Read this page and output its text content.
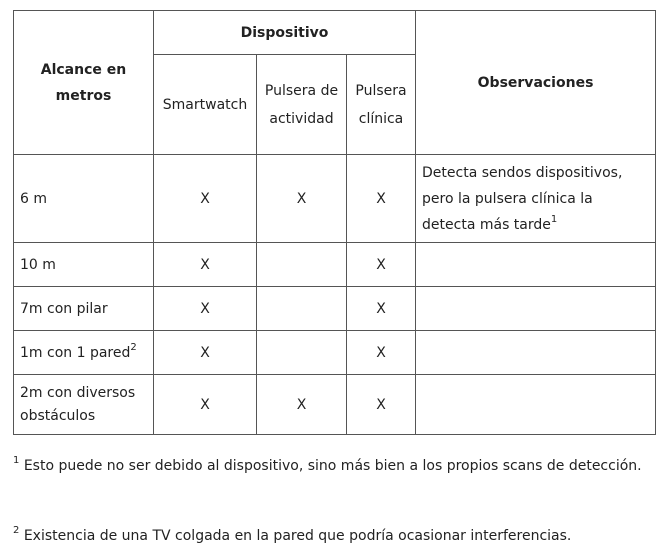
Alcance en metros	Dispositivo			Observaciones
	Smartwatch	Pulsera de actividad	Pulsera clínica	
6 m	X	X	X	Detecta sendos dispositivos, pero la pulsera clínica la detecta más tarde$^1$
10 m	X		X	
7m con pilar	X		X	
1m con 1 pared$^2$	X		X	
2m con diversos obstáculos	X	X	X	
$^1$ Esto puede no ser debido al dispositivo, sino más bien a los propios scans de detección.
$^2$ Existencia de una TV colgada en la pared que podría ocasionar interferencias.
